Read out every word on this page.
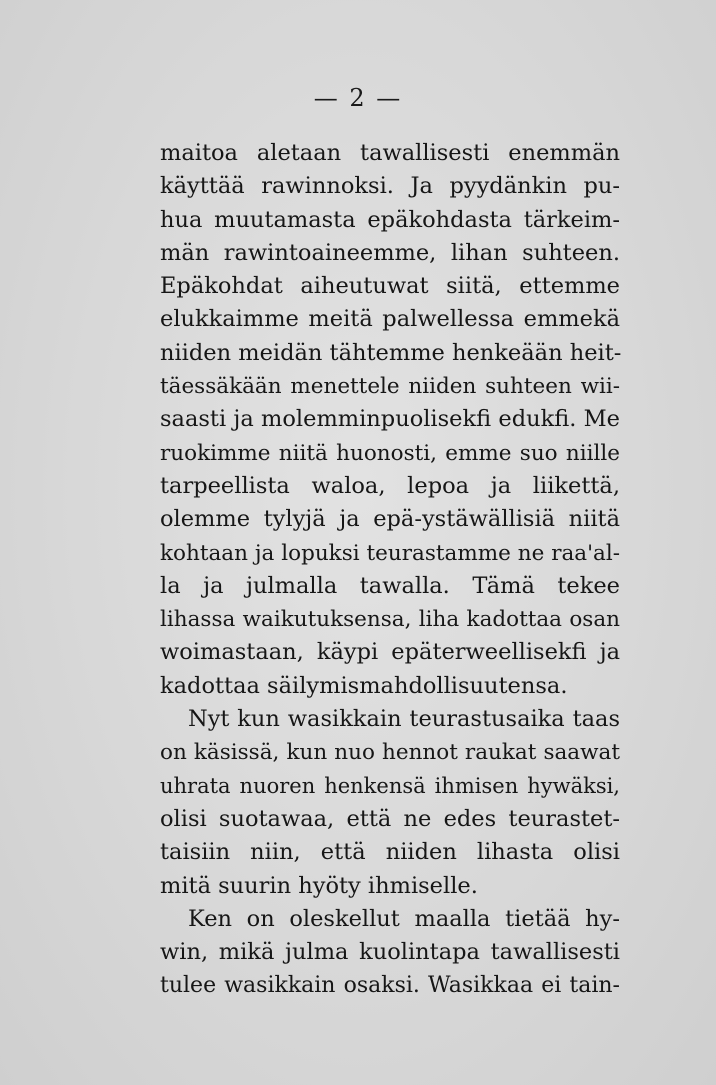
— 2 —
maitoa aletaan tawallisesti enemmän
käyttää rawinnoksi. Ja pyydänkin pu-
hua muutamasta epäkohdasta tärkeim-
män rawintoaineemme, lihan suhteen.
Epäkohdat aiheutuwat siitä, ettemme
elukkaimme meitä palwellessa emmekä
niiden meidän tähtemme henkeään heit-
täessäkään menettele niiden suhteen wii-
saasti ja molemminpuolisekfi edukfi. Me
ruokimme niitä huonosti, emme suo niille
tarpeellista waloa, lepoa ja liikettä,
olemme tylyjä ja epä-ystäwällisiä niitä
kohtaan ja lopuksi teurastamme ne raa'al-
la ja julmalla tawalla. Tämä tekee
lihassa waikutuksensa, liha kadottaa osan
woimastaan, käypi epäterweellisekfi ja
kadottaa säilymismahdollisuutensa.
Nyt kun wasikkain teurastusaika taas
on käsissä, kun nuo hennot raukat saawat
uhrata nuoren henkensä ihmisen hywäksi,
olisi suotawaa, että ne edes teurastet-
taisiin niin, että niiden lihasta olisi
mitä suurin hyöty ihmiselle.
Ken on oleskellut maalla tietää hy-
win, mikä julma kuolintapa tawallisesti
tulee wasikkain osaksi. Wasikkaa ei tain-
